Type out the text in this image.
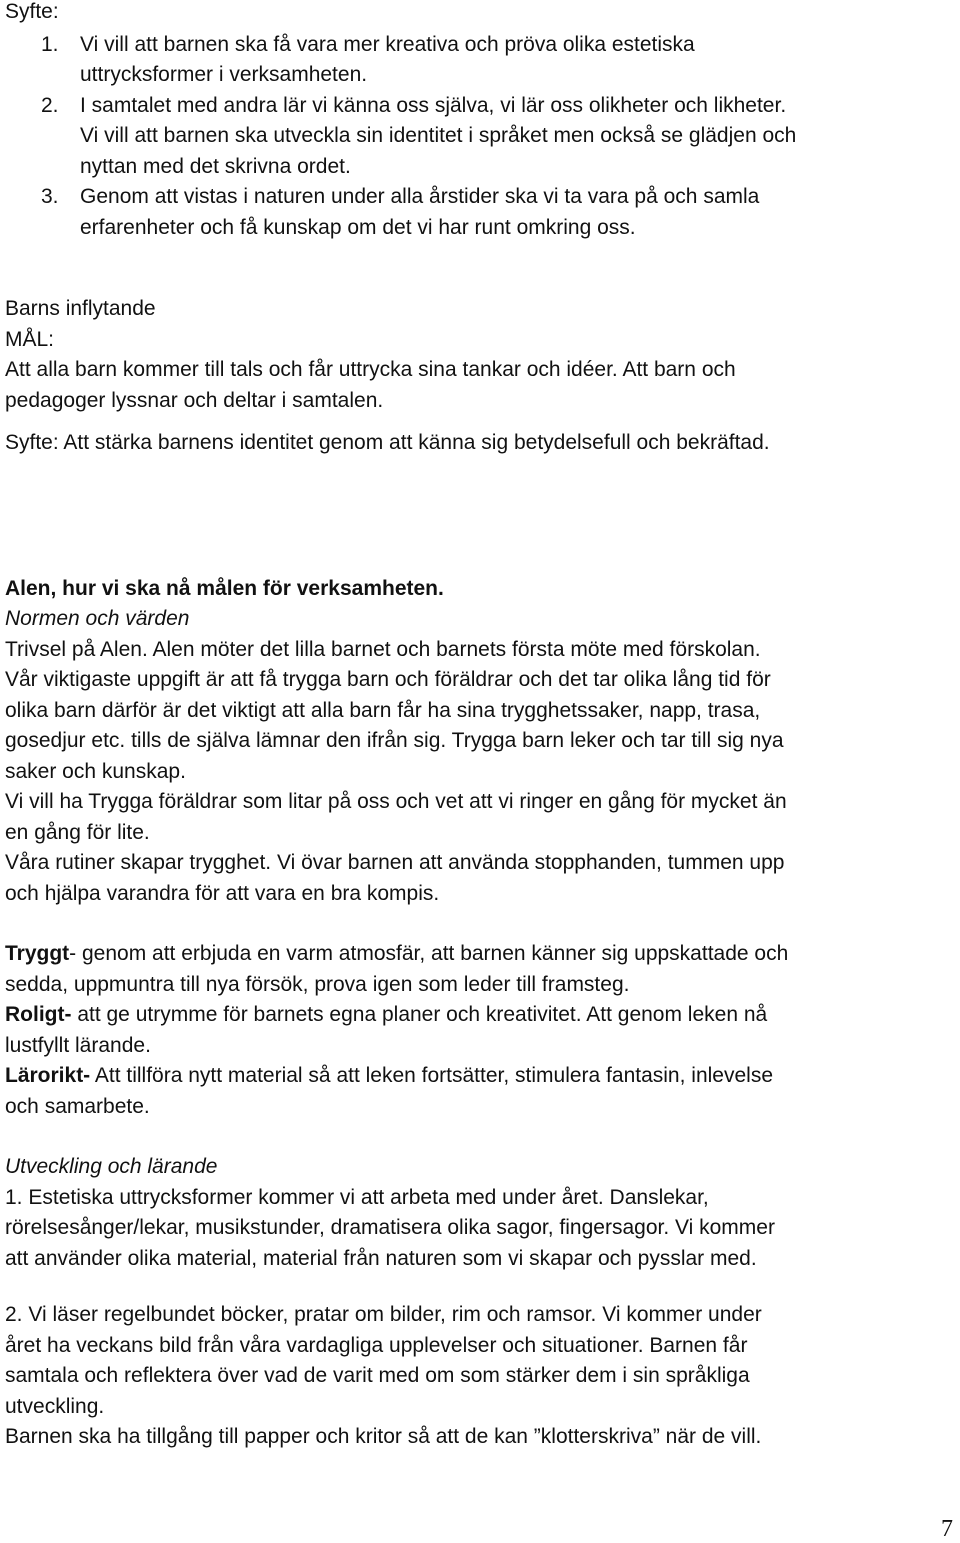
Syfte:
1. Vi vill att barnen ska få vara mer kreativa och pröva olika estetiska
uttrycksformer i verksamheten.
2. I samtalet med andra lär vi känna oss själva, vi lär oss olikheter och likheter.
Vi vill att barnen ska utveckla sin identitet i språket men också se glädjen och
nyttan med det skrivna ordet.
3. Genom att vistas i naturen under alla årstider ska vi ta vara på och samla
erfarenheter och få kunskap om det vi har runt omkring oss.
Barns inflytande
MÅL:
Att alla barn kommer till tals och får uttrycka sina tankar och idéer. Att barn och
pedagoger lyssnar och deltar i samtalen.
Syfte: Att stärka barnens identitet genom att känna sig betydelsefull och bekräftad.
Alen, hur vi ska nå målen för verksamheten.
Normen och värden
Trivsel på Alen. Alen möter det lilla barnet och barnets första möte med förskolan.
Vår viktigaste uppgift är att få trygga barn och föräldrar och det tar olika lång tid för
olika barn därför är det viktigt att alla barn får ha sina trygghetssaker, napp, trasa,
gosedjur etc. tills de själva lämnar den ifrån sig. Trygga barn leker och tar till sig nya
saker och kunskap.
Vi vill ha Trygga föräldrar som litar på oss och vet att vi ringer en gång för mycket än
en gång för lite.
Våra rutiner skapar trygghet. Vi övar barnen att använda stopphanden, tummen upp
och hjälpa varandra för att vara en bra kompis.
Tryggt- genom att erbjuda en varm atmosfär, att barnen känner sig uppskattade och
sedda, uppmuntra till nya försök, prova igen som leder till framsteg.
Roligt- att ge utrymme för barnets egna planer och kreativitet. Att genom leken nå
lustfyllt lärande.
Lärorikt- Att tillföra nytt material så att leken fortsätter, stimulera fantasin, inlevelse
och samarbete.
Utveckling och lärande
1. Estetiska uttrycksformer kommer vi att arbeta med under året. Danslekar,
rörelsesånger/lekar, musikstunder, dramatisera olika sagor, fingersagor. Vi kommer
att använder olika material, material från naturen som vi skapar och pysslar med.
2. Vi läser regelbundet böcker, pratar om bilder, rim och ramsor. Vi kommer under
året ha veckans bild från våra vardagliga upplevelser och situationer. Barnen får
samtala och reflektera över vad de varit med om som stärker dem i sin språkliga
utveckling.
Barnen ska ha tillgång till papper och kritor så att de kan ”klotterskriva” när de vill.
7
